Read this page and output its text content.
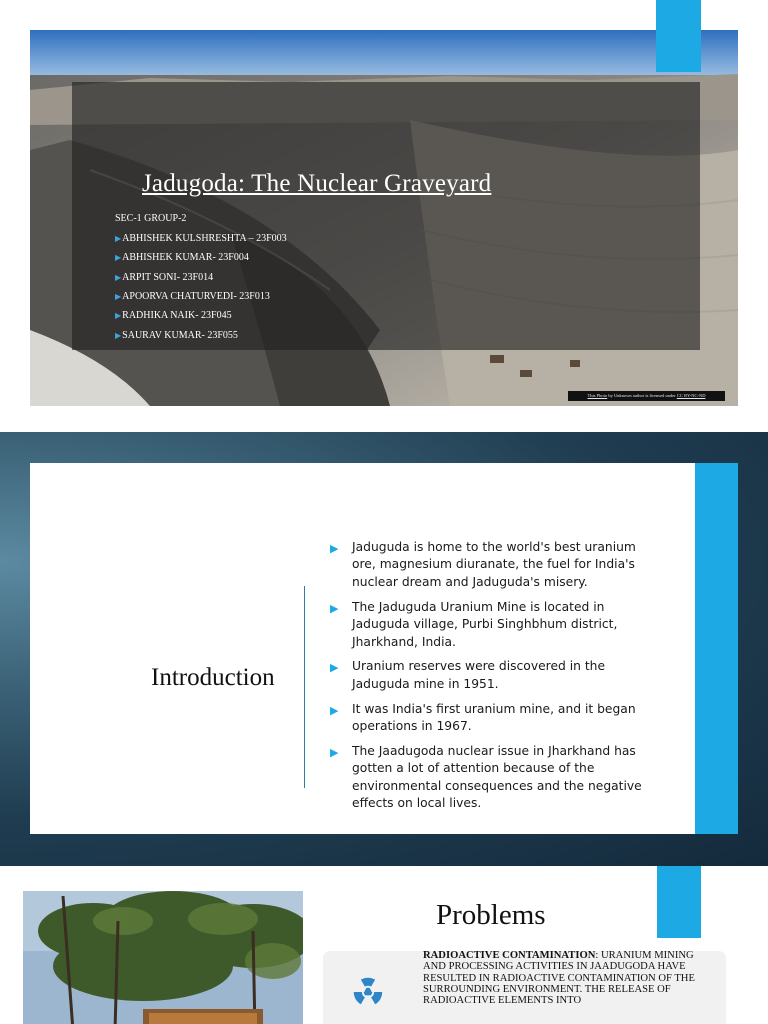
Jadugoda: The Nuclear Graveyard
SEC-1 GROUP-2
▶ABHISHEK KULSHRESHTA – 23F003
▶ABHISHEK KUMAR- 23F004
▶ARPIT SONI- 23F014
▶APOORVA CHATURVEDI- 23F013
▶RADHIKA NAIK- 23F045
▶SAURAV KUMAR- 23F055
This Photo by Unknown author is licensed under CC BY-NC-ND
Introduction
▶ Jaduguda is home to the world's best uranium ore, magnesium diuranate, the fuel for India's nuclear dream and Jaduguda's misery.
▶ The Jaduguda Uranium Mine is located in Jaduguda village, Purbi Singhbhum district, Jharkhand, India.
▶ Uranium reserves were discovered in the Jaduguda mine in 1951.
▶ It was India's first uranium mine, and it began operations in 1967.
▶ The Jaadugoda nuclear issue in Jharkhand has gotten a lot of attention because of the environmental consequences and the negative effects on local lives.
Problems
RADIOACTIVE CONTAMINATION: URANIUM MINING AND PROCESSING ACTIVITIES IN JAADUGODA HAVE RESULTED IN RADIOACTIVE CONTAMINATION OF THE SURROUNDING ENVIRONMENT. THE RELEASE OF RADIOACTIVE ELEMENTS INTO
